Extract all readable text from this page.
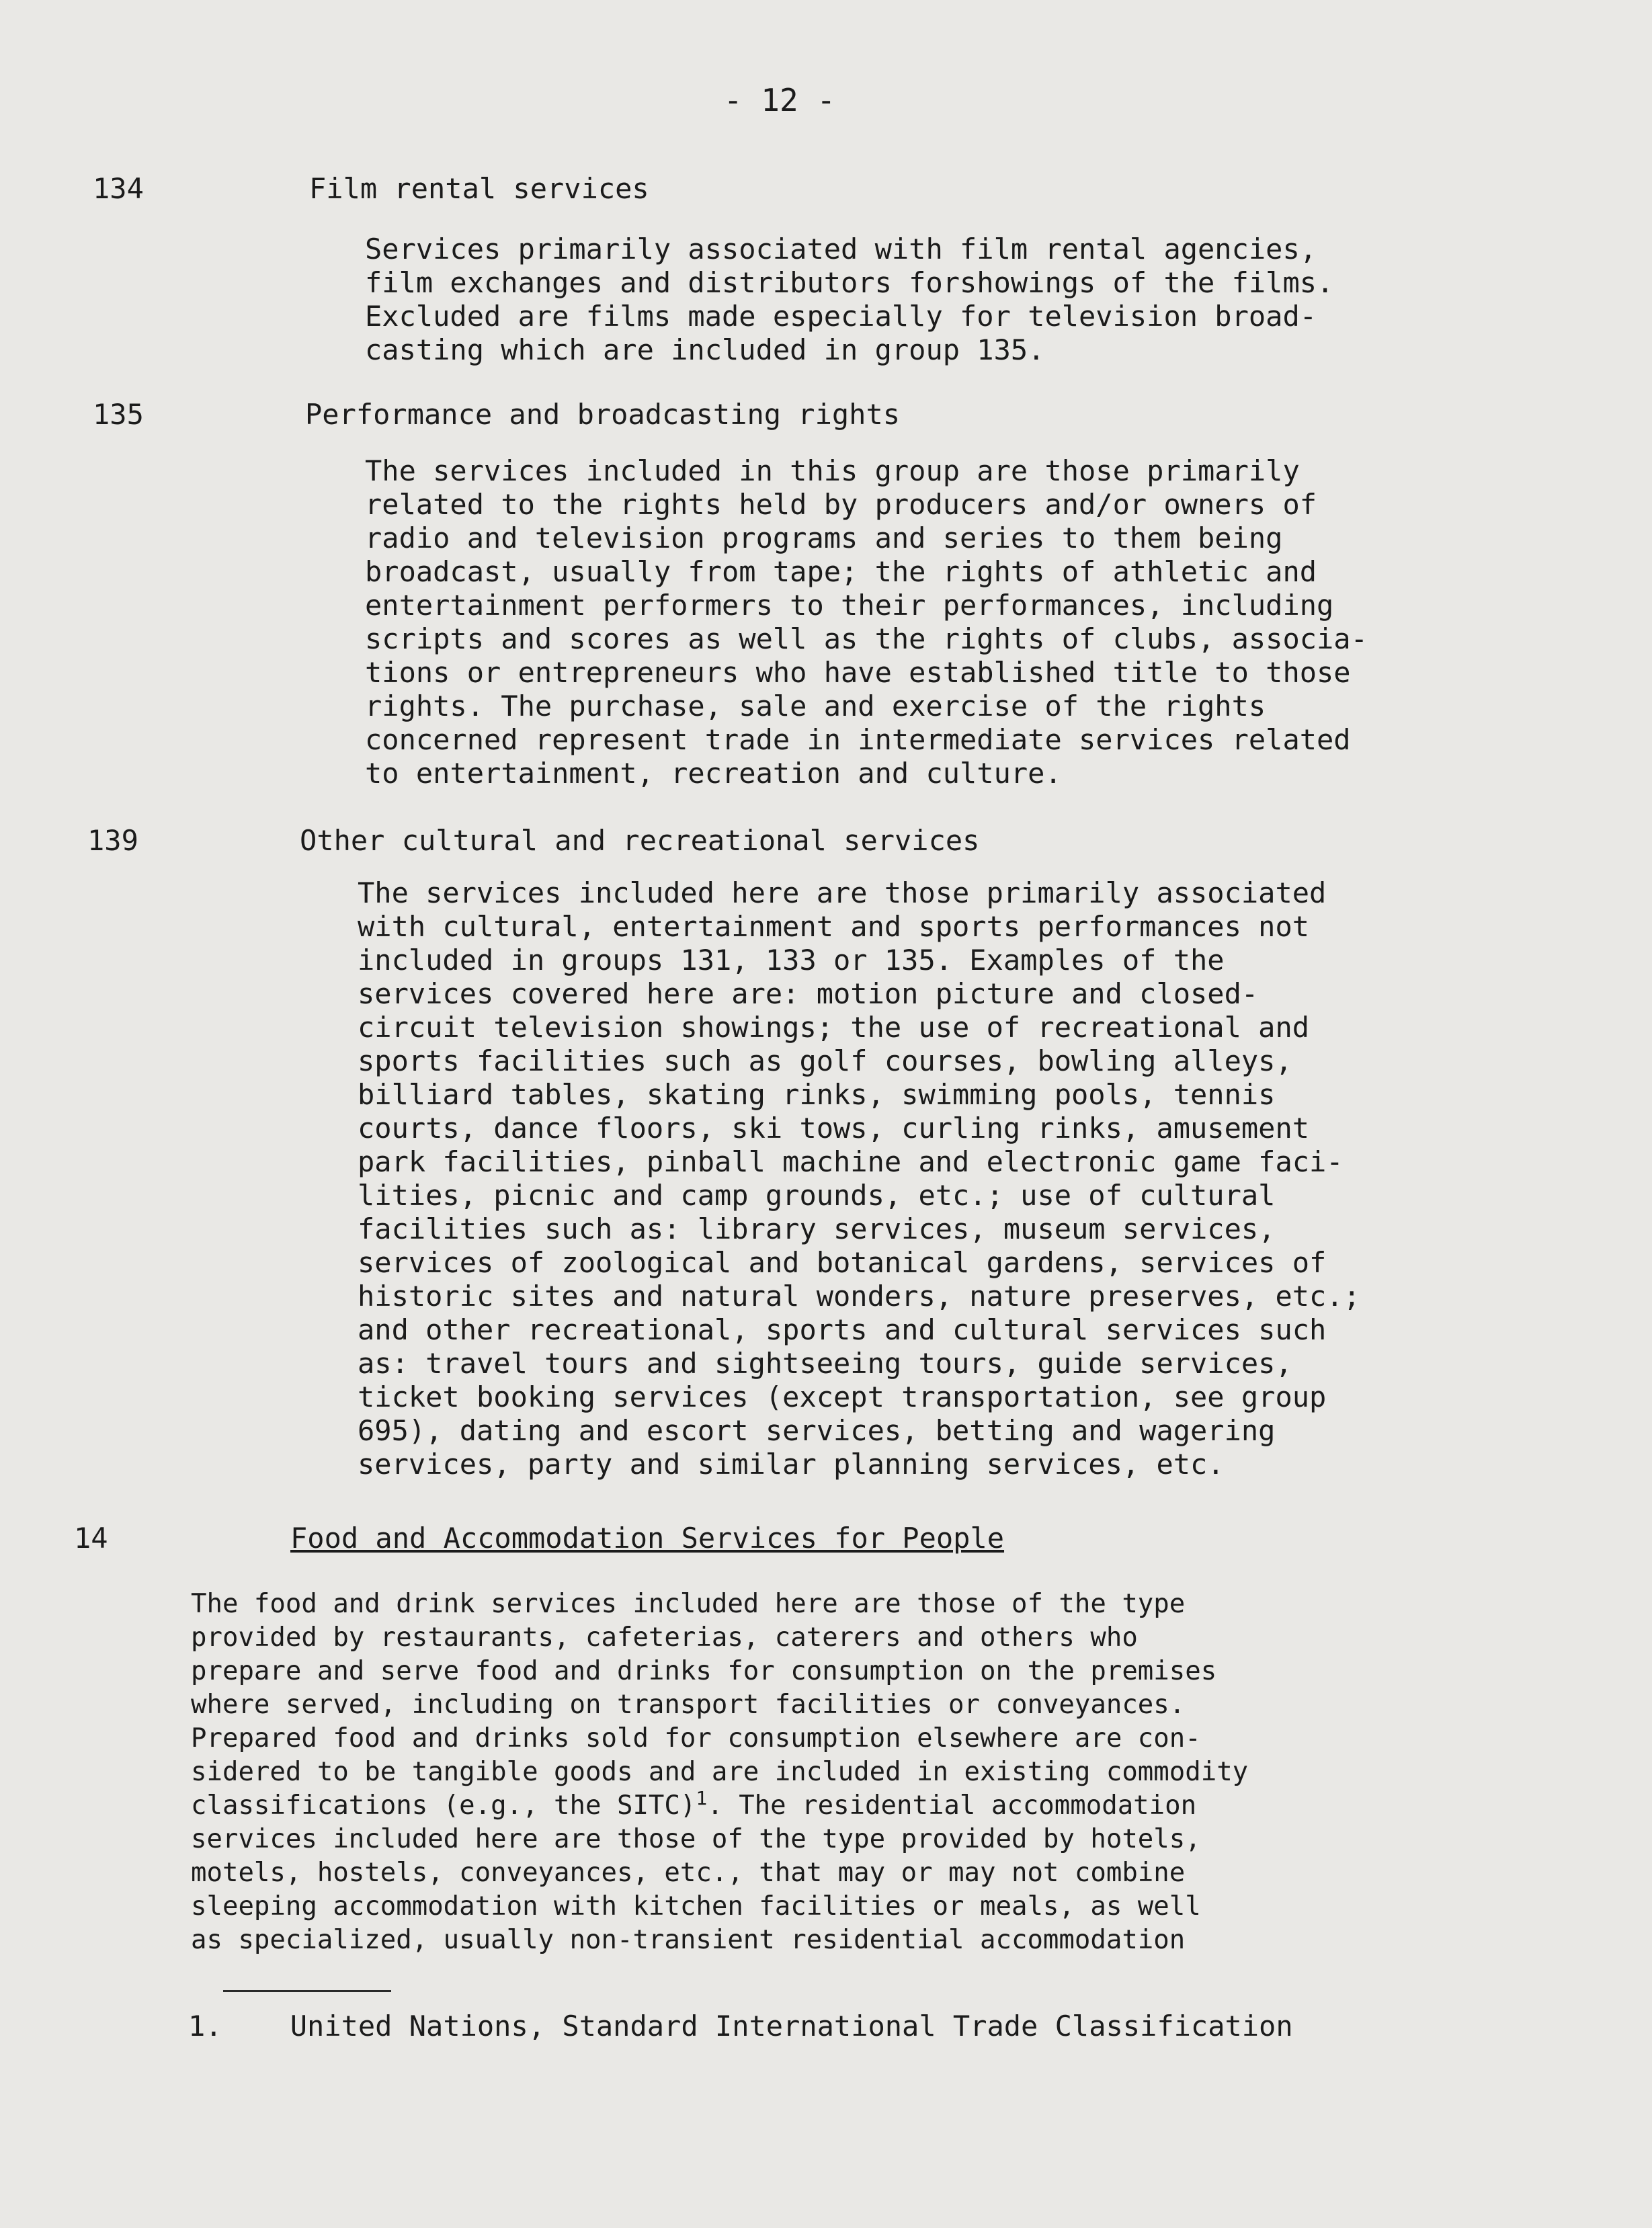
- 12 -
134	Film rental services
Services primarily associated with film rental agencies,
film exchanges and distributors forshowings of the films.
Excluded are films made especially for television broad-
casting which are included in group 135.
135	Performance and broadcasting rights
The services included in this group are those primarily
related to the rights held by producers and/or owners of
radio and television programs and series to them being
broadcast, usually from tape; the rights of athletic and
entertainment performers to their performances, including
scripts and scores as well as the rights of clubs, associa-
tions or entrepreneurs who have established title to those
rights. The purchase, sale and exercise of the rights
concerned represent trade in intermediate services related
to entertainment, recreation and culture.
139	Other cultural and recreational services
The services included here are those primarily associated
with cultural, entertainment and sports performances not
included in groups 131, 133 or 135. Examples of the
services covered here are: motion picture and closed-
circuit television showings; the use of recreational and
sports facilities such as golf courses, bowling alleys,
billiard tables, skating rinks, swimming pools, tennis
courts, dance floors, ski tows, curling rinks, amusement
park facilities, pinball machine and electronic game faci-
lities, picnic and camp grounds, etc.; use of cultural
facilities such as: library services, museum services,
services of zoological and botanical gardens, services of
historic sites and natural wonders, nature preserves, etc.;
and other recreational, sports and cultural services such
as: travel tours and sightseeing tours, guide services,
ticket booking services (except transportation, see group
695), dating and escort services, betting and wagering
services, party and similar planning services, etc.
14	Food and Accommodation Services for People
The food and drink services included here are those of the type
provided by restaurants, cafeterias, caterers and others who
prepare and serve food and drinks for consumption on the premises
where served, including on transport facilities or conveyances.
Prepared food and drinks sold for consumption elsewhere are con-
sidered to be tangible goods and are included in existing commodity
classifications (e.g., the SITC)$^1$. The residential accommodation
services included here are those of the type provided by hotels,
motels, hostels, conveyances, etc., that may or may not combine
sleeping accommodation with kitchen facilities or meals, as well
as specialized, usually non-transient residential accommodation
1. United Nations, Standard International Trade Classification
